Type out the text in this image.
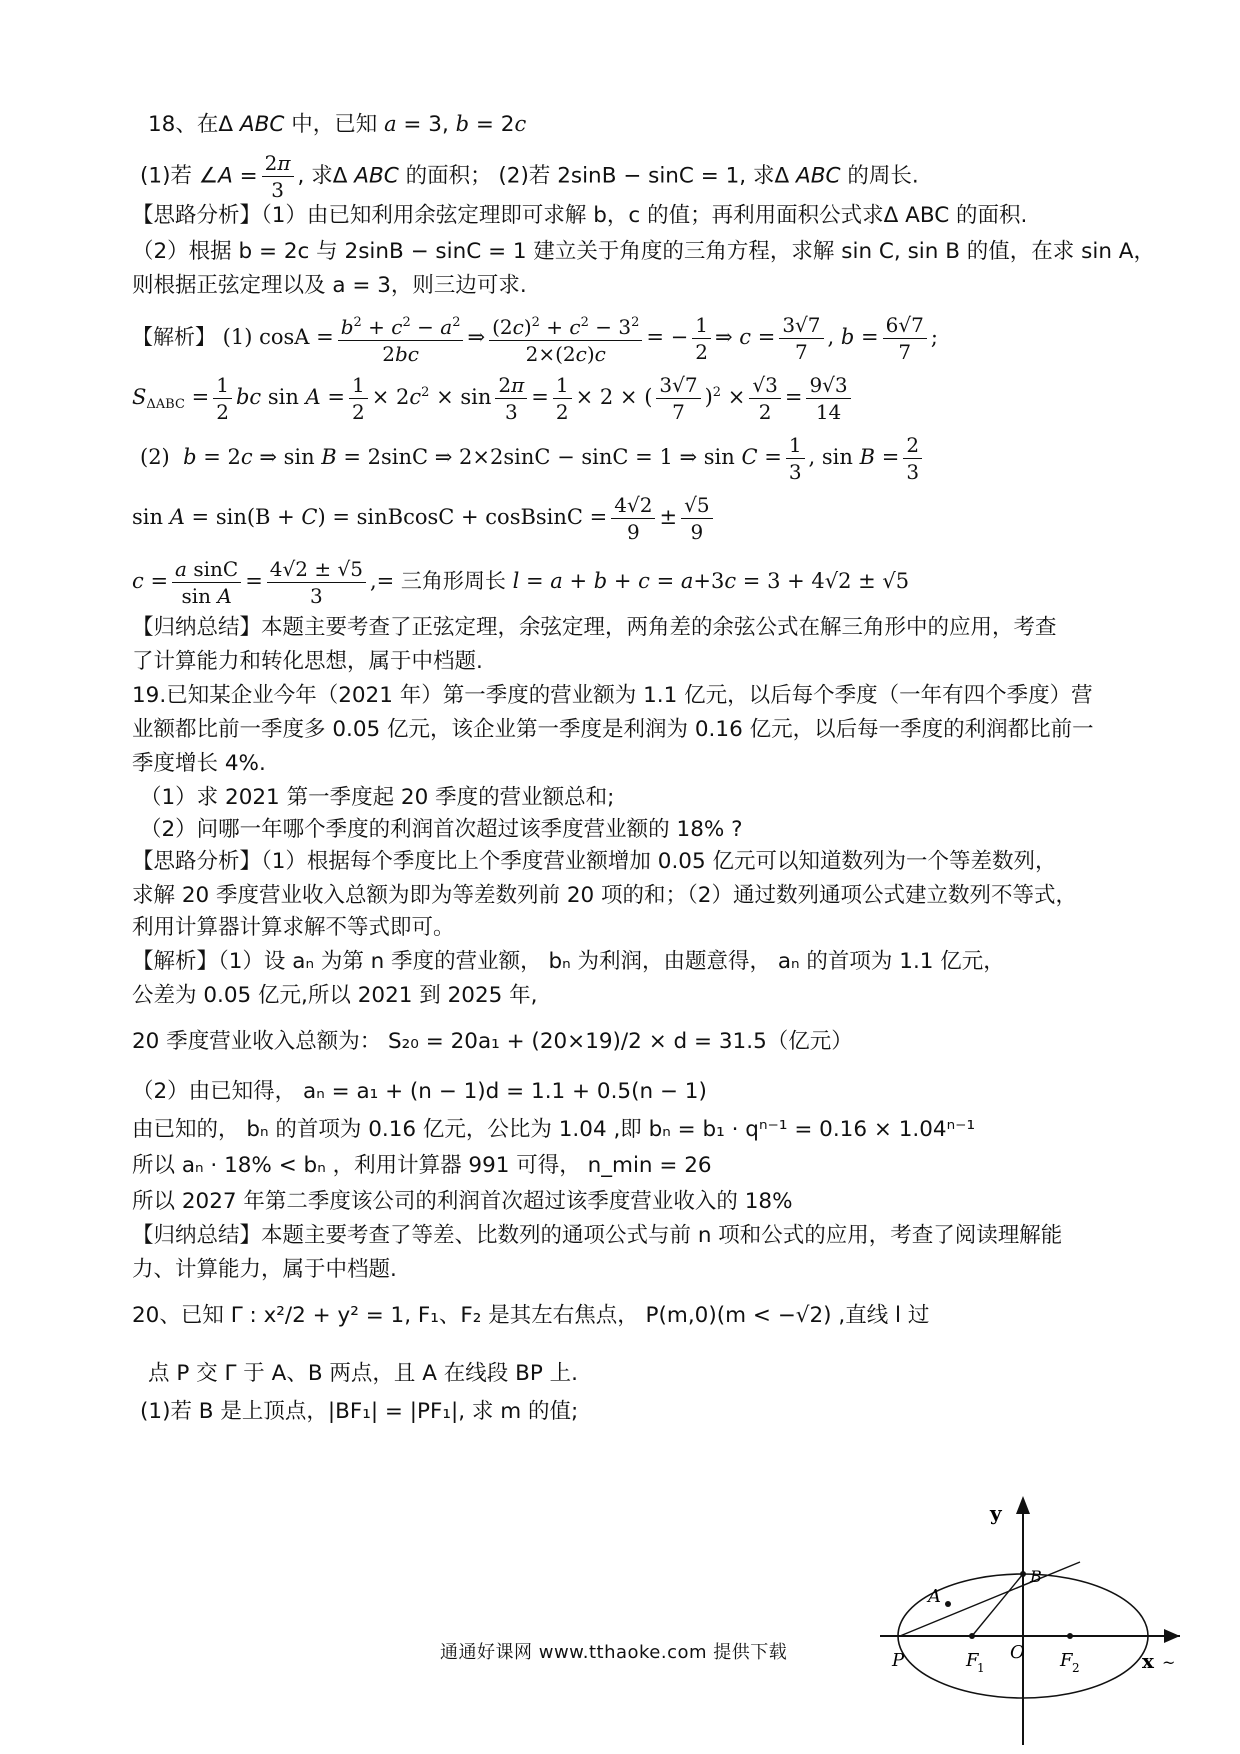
18、在Δ ABC 中，已知 a = 3, b = 2c
(1)若 ∠A = $\frac{2\pi}{3}$ , 求Δ ABC 的面积； (2)若 2sinB − sinC = 1, 求Δ ABC 的周长.
【思路分析】（1）由已知利用余弦定理即可求解 b，c 的值；再利用面积公式求Δ ABC 的面积.
（2）根据 b = 2c 与 2sinB − sinC = 1 建立关于角度的三角方程，求解 sin C, sin B 的值，在求 sin A，
则根据正弦定理以及 a = 3，则三边可求.
【解析】 (1) $\cos A = \frac{b^2 + c^2 - a^2}{2bc}$ ⇒ $\frac{(2c)^2 + c^2 - 3^2}{2\times(2c)c}$ = − $\frac{1}{2}$ ⇒ $c = \frac{3√7}{7}$ , $b = \frac{6√7}{7}$ ;
$S_{\Delta ABC} = \frac{1}{2}$ bc $\sin A = \frac{1}{2} \times 2c^2 \times \sin \frac{2\pi}{3} = \frac{1}{2} \times 2$ × ( $\frac{3√7}{7} )^2 \times \frac{√3}{2} = \frac{9√3}{14}$
(2)  b = 2c ⇒ sin B = 2sinC ⇒ 2×2sinC − sinC = 1 ⇒ $\sin C = \frac{1}{3}$ , $\sin B = \frac{2}{3}$
sin A = sin(B + C) = sinBcosC + cosBsinC = $\frac{4√2}{9} \pm \frac{√5}{9}$
$c = \frac{\text{a sinC}}{\text{sin A}} = \frac{4√2 \pm √5}{3}$ ,= 三角形周长 l = a + b + c = a+3c = 3 + 4√2 ± √5
【归纳总结】本题主要考查了正弦定理，余弦定理，两角差的余弦公式在解三角形中的应用，考查
了计算能力和转化思想，属于中档题.
19.已知某企业今年（2021 年）第一季度的营业额为 1.1 亿元，以后每个季度（一年有四个季度）营
业额都比前一季度多 0.05 亿元，该企业第一季度是利润为 0.16 亿元，以后每一季度的利润都比前一
季度增长 4%.
（1）求 2021 第一季度起 20 季度的营业额总和;
（2）问哪一年哪个季度的利润首次超过该季度营业额的 18% ?
【思路分析】（1）根据每个季度比上个季度营业额增加 0.05 亿元可以知道数列为一个等差数列，
求解 20 季度营业收入总额为即为等差数列前 20 项的和；（2）通过数列通项公式建立数列不等式，
利用计算器计算求解不等式即可。
【解析】（1）设 aₙ 为第 n 季度的营业额， bₙ 为利润，由题意得， aₙ 的首项为 1.1 亿元，
公差为 0.05 亿元,所以 2021 到 2025 年,
20 季度营业收入总额为： S₂₀ = 20a₁ + (20×19)/2 × d = 31.5（亿元）
（2）由已知得， aₙ = a₁ + (n − 1)d = 1.1 + 0.5(n − 1)
由已知的， bₙ 的首项为 0.16 亿元，公比为 1.04 ,即 bₙ = b₁ · qⁿ⁻¹ = 0.16 × 1.04ⁿ⁻¹
所以 aₙ · 18% < bₙ ，利用计算器 991 可得， n_min = 26
所以 2027 年第二季度该公司的利润首次超过该季度营业收入的 18%
【归纳总结】本题主要考查了等差、比数列的通项公式与前 n 项和公式的应用，考查了阅读理解能
力、计算能力，属于中档题.
20、已知 Γ : x²/2 + y² = 1, F₁、F₂ 是其左右焦点， P(m,0)(m < −√2) ,直线 l 过
点 P 交 Γ 于 A、B 两点，且 A 在线段 BP 上.
(1)若 B 是上顶点，|BF₁| = |PF₁|, 求 m 的值;
P
A
B
O
F
1	F 2
y
x ~
通通好课网 www.tthaoke.com 提供下载
